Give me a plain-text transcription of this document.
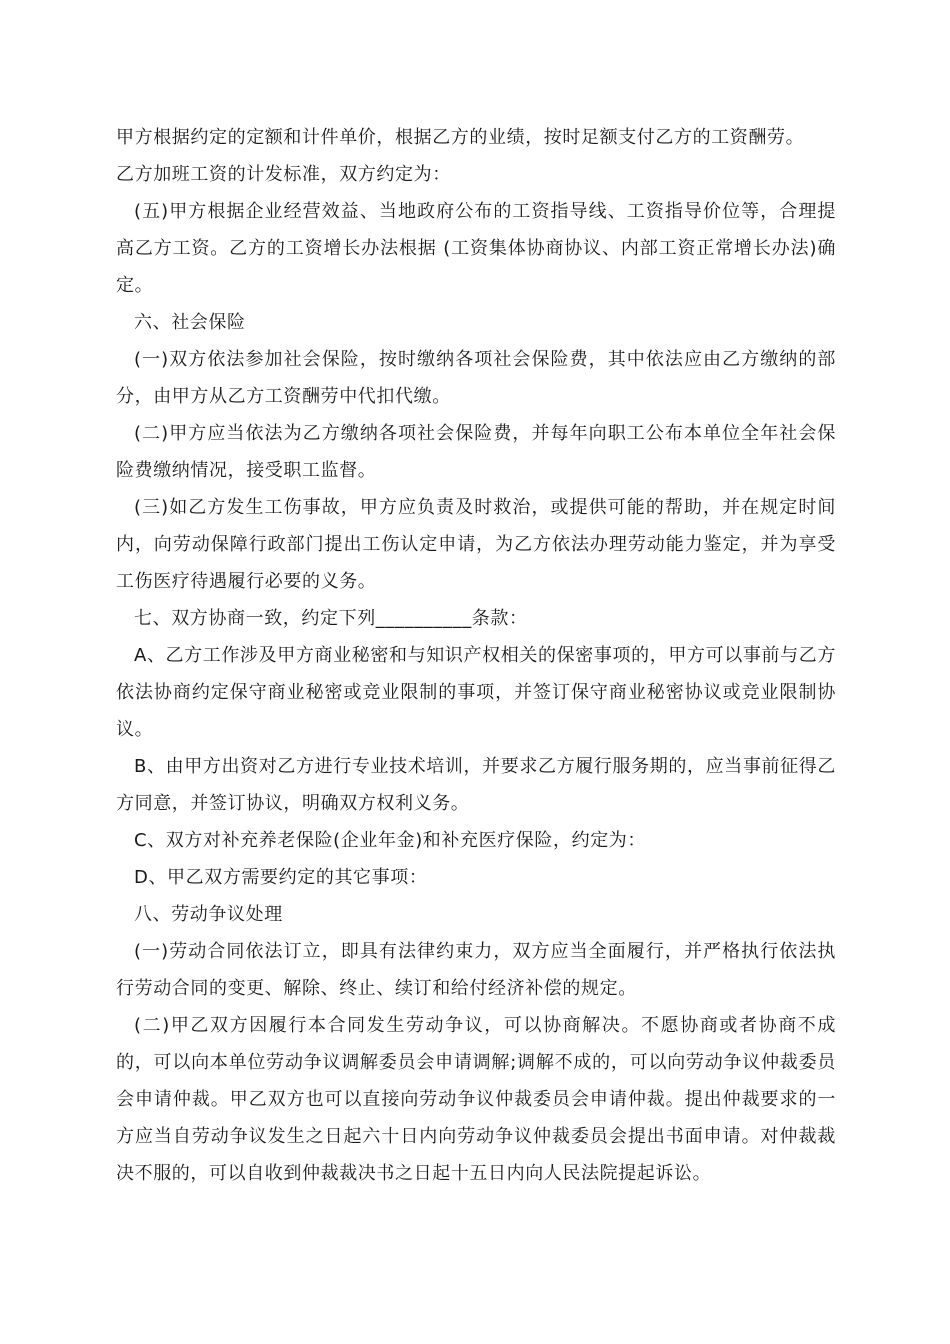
甲方根据约定的定额和计件单价，根据乙方的业绩，按时足额支付乙方的工资酬劳。

乙方加班工资的计发标准，双方约定为：

(五)甲方根据企业经营效益、当地政府公布的工资指导线、工资指导价位等，合理提高乙方工资。乙方的工资增长办法根据 (工资集体协商协议、内部工资正常增长办法)确定。

六、社会保险

(一)双方依法参加社会保险，按时缴纳各项社会保险费，其中依法应由乙方缴纳的部分，由甲方从乙方工资酬劳中代扣代缴。

(二)甲方应当依法为乙方缴纳各项社会保险费，并每年向职工公布本单位全年社会保险费缴纳情况，接受职工监督。

(三)如乙方发生工伤事故，甲方应负责及时救治，或提供可能的帮助，并在规定时间内，向劳动保障行政部门提出工伤认定申请，为乙方依法办理劳动能力鉴定，并为享受工伤医疗待遇履行必要的义务。

七、双方协商一致，约定下列__________条款：

A、乙方工作涉及甲方商业秘密和与知识产权相关的保密事项的，甲方可以事前与乙方依法协商约定保守商业秘密或竞业限制的事项，并签订保守商业秘密协议或竞业限制协议。

B、由甲方出资对乙方进行专业技术培训，并要求乙方履行服务期的，应当事前征得乙方同意，并签订协议，明确双方权利义务。

C、双方对补充养老保险(企业年金)和补充医疗保险，约定为：

D、甲乙双方需要约定的其它事项：

八、劳动争议处理

(一)劳动合同依法订立，即具有法律约束力，双方应当全面履行，并严格执行依法执行劳动合同的变更、解除、终止、续订和给付经济补偿的规定。

(二)甲乙双方因履行本合同发生劳动争议，可以协商解决。不愿协商或者协商不成的，可以向本单位劳动争议调解委员会申请调解;调解不成的，可以向劳动争议仲裁委员会申请仲裁。甲乙双方也可以直接向劳动争议仲裁委员会申请仲裁。提出仲裁要求的一方应当自劳动争议发生之日起六十日内向劳动争议仲裁委员会提出书面申请。对仲裁裁决不服的，可以自收到仲裁裁决书之日起十五日内向人民法院提起诉讼。
